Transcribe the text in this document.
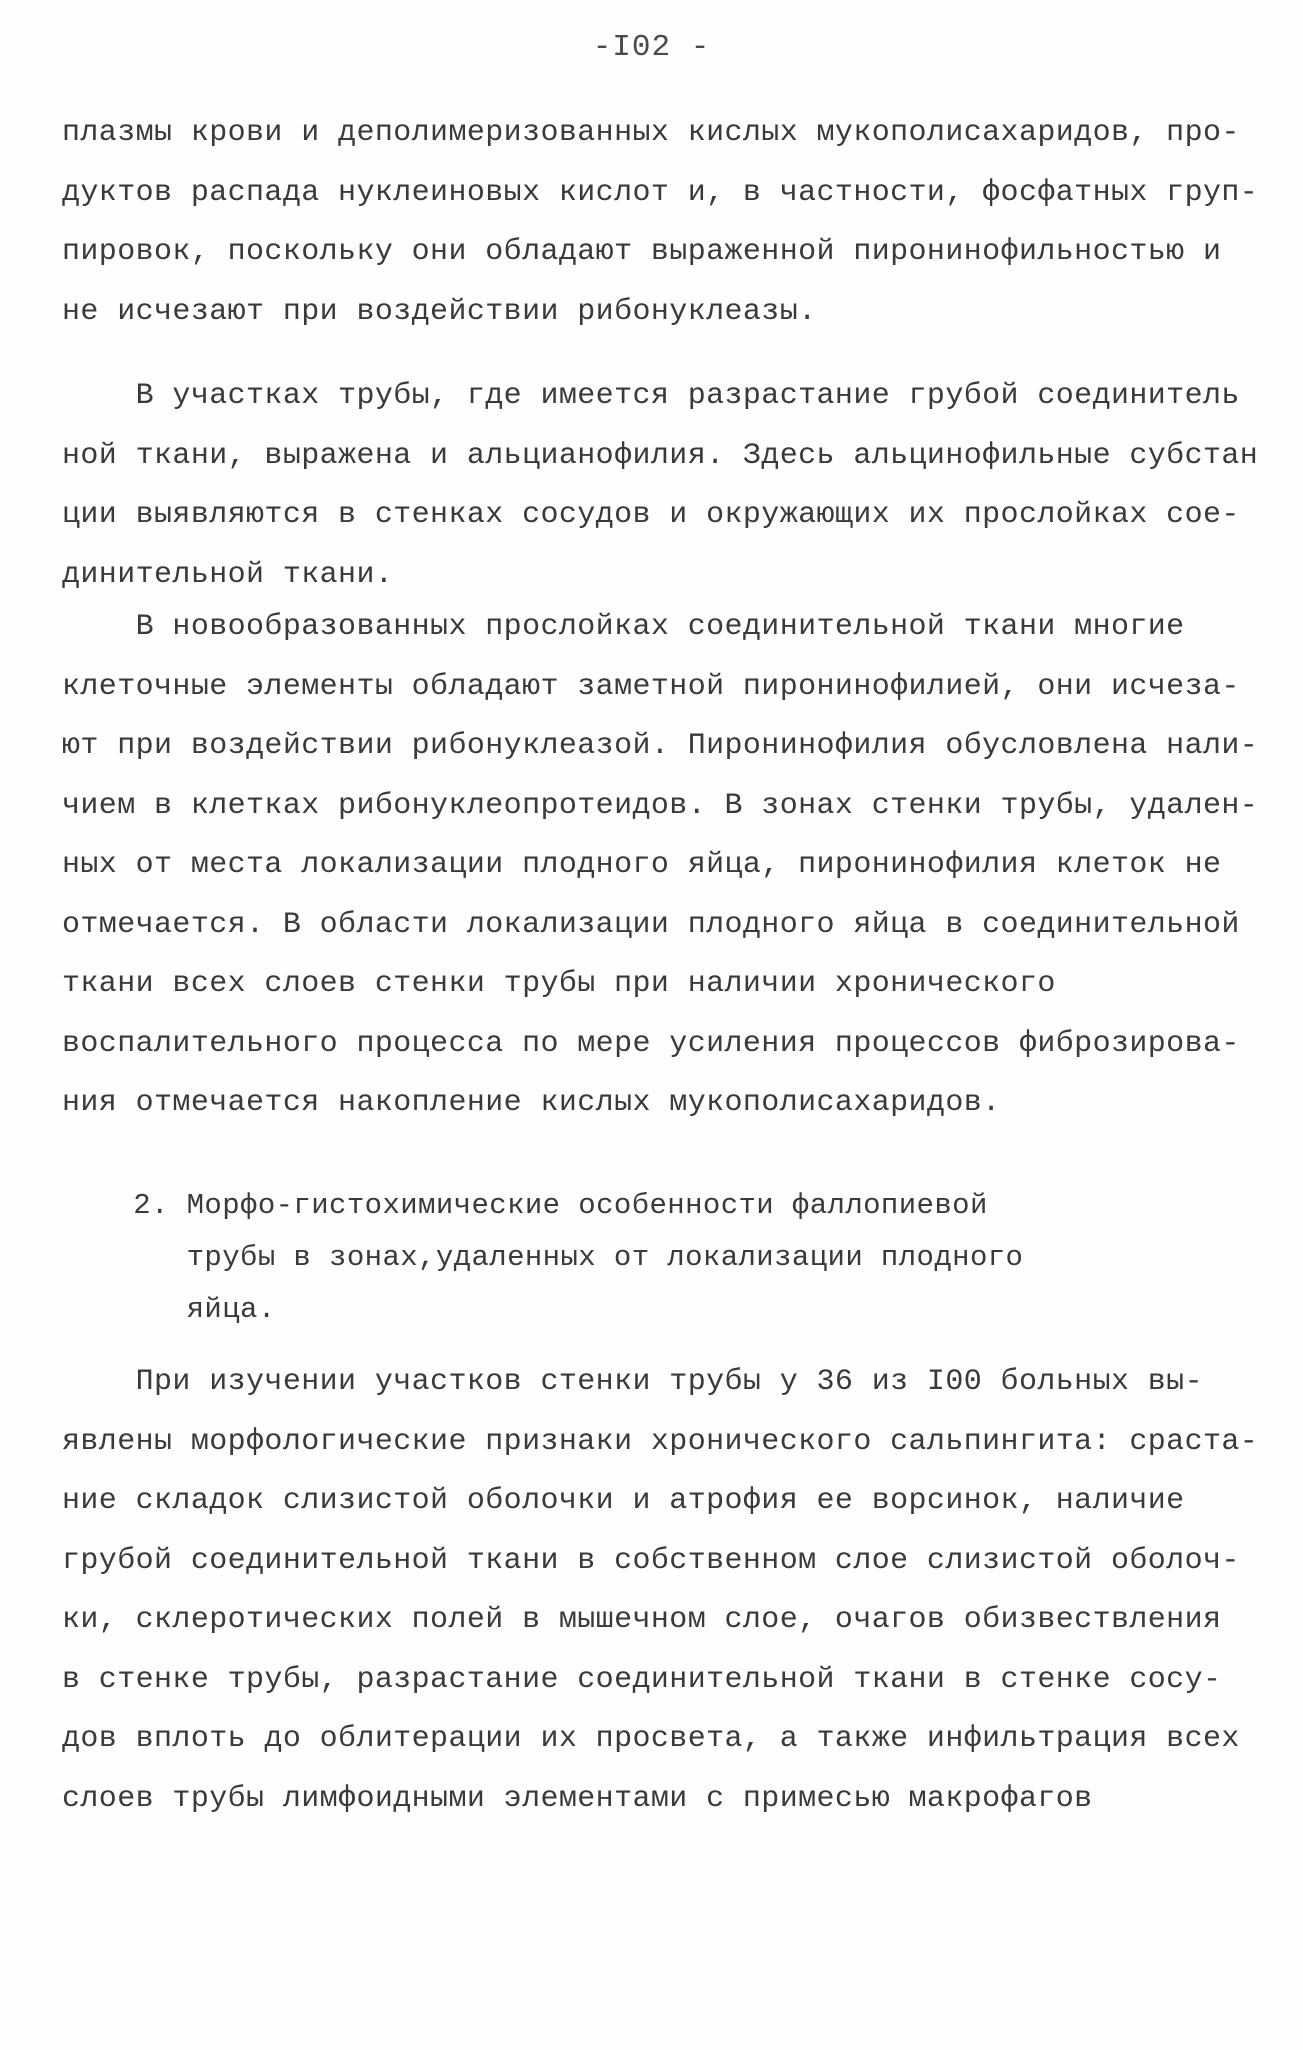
-I02 -
плазмы крови и деполимеризованных кислых мукополисахаридов, про-
дуктов распада нуклеиновых кислот и, в частности, фосфатных груп-
пировок, поскольку они обладают выраженной пиронинофильностью и
не исчезают при воздействии рибонуклеазы.
В участках трубы, где имеется разрастание грубой соединитель
ной ткани, выражена и альцианофилия. Здесь альцинофильные субстан
ции выявляются в стенках сосудов и окружающих их прослойках сое-
динительной ткани.
В новообразованных прослойках соединительной ткани многие
клеточные элементы обладают заметной пиронинофилией, они исчеза-
ют при воздействии рибонуклеазой. Пиронинофилия обусловлена нали-
чием в клетках рибонуклеопротеидов. В зонах стенки трубы, удален-
ных от места локализации плодного яйца, пиронинофилия клеток не
отмечается. В области локализации плодного яйца в соединительной
ткани всех слоев стенки трубы при наличии хронического
воспалительного процесса по мере усиления процессов фиброзирова-
ния отмечается накопление кислых мукополисахаридов.
2. Морфо-гистохимические особенности фаллопиевой
трубы в зонах,удаленных от локализации плодного
яйца.
При изучении участков стенки трубы у 36 из I00 больных вы-
явлены морфологические признаки хронического сальпингита: сраста-
ние складок слизистой оболочки и атрофия ее ворсинок, наличие
грубой соединительной ткани в собственном слое слизистой оболоч-
ки, склеротических полей в мышечном слое, очагов обизвествления
в стенке трубы, разрастание соединительной ткани в стенке сосу-
дов вплоть до облитерации их просвета, а также инфильтрация всех
слоев трубы лимфоидными элементами с примесью макрофагов
